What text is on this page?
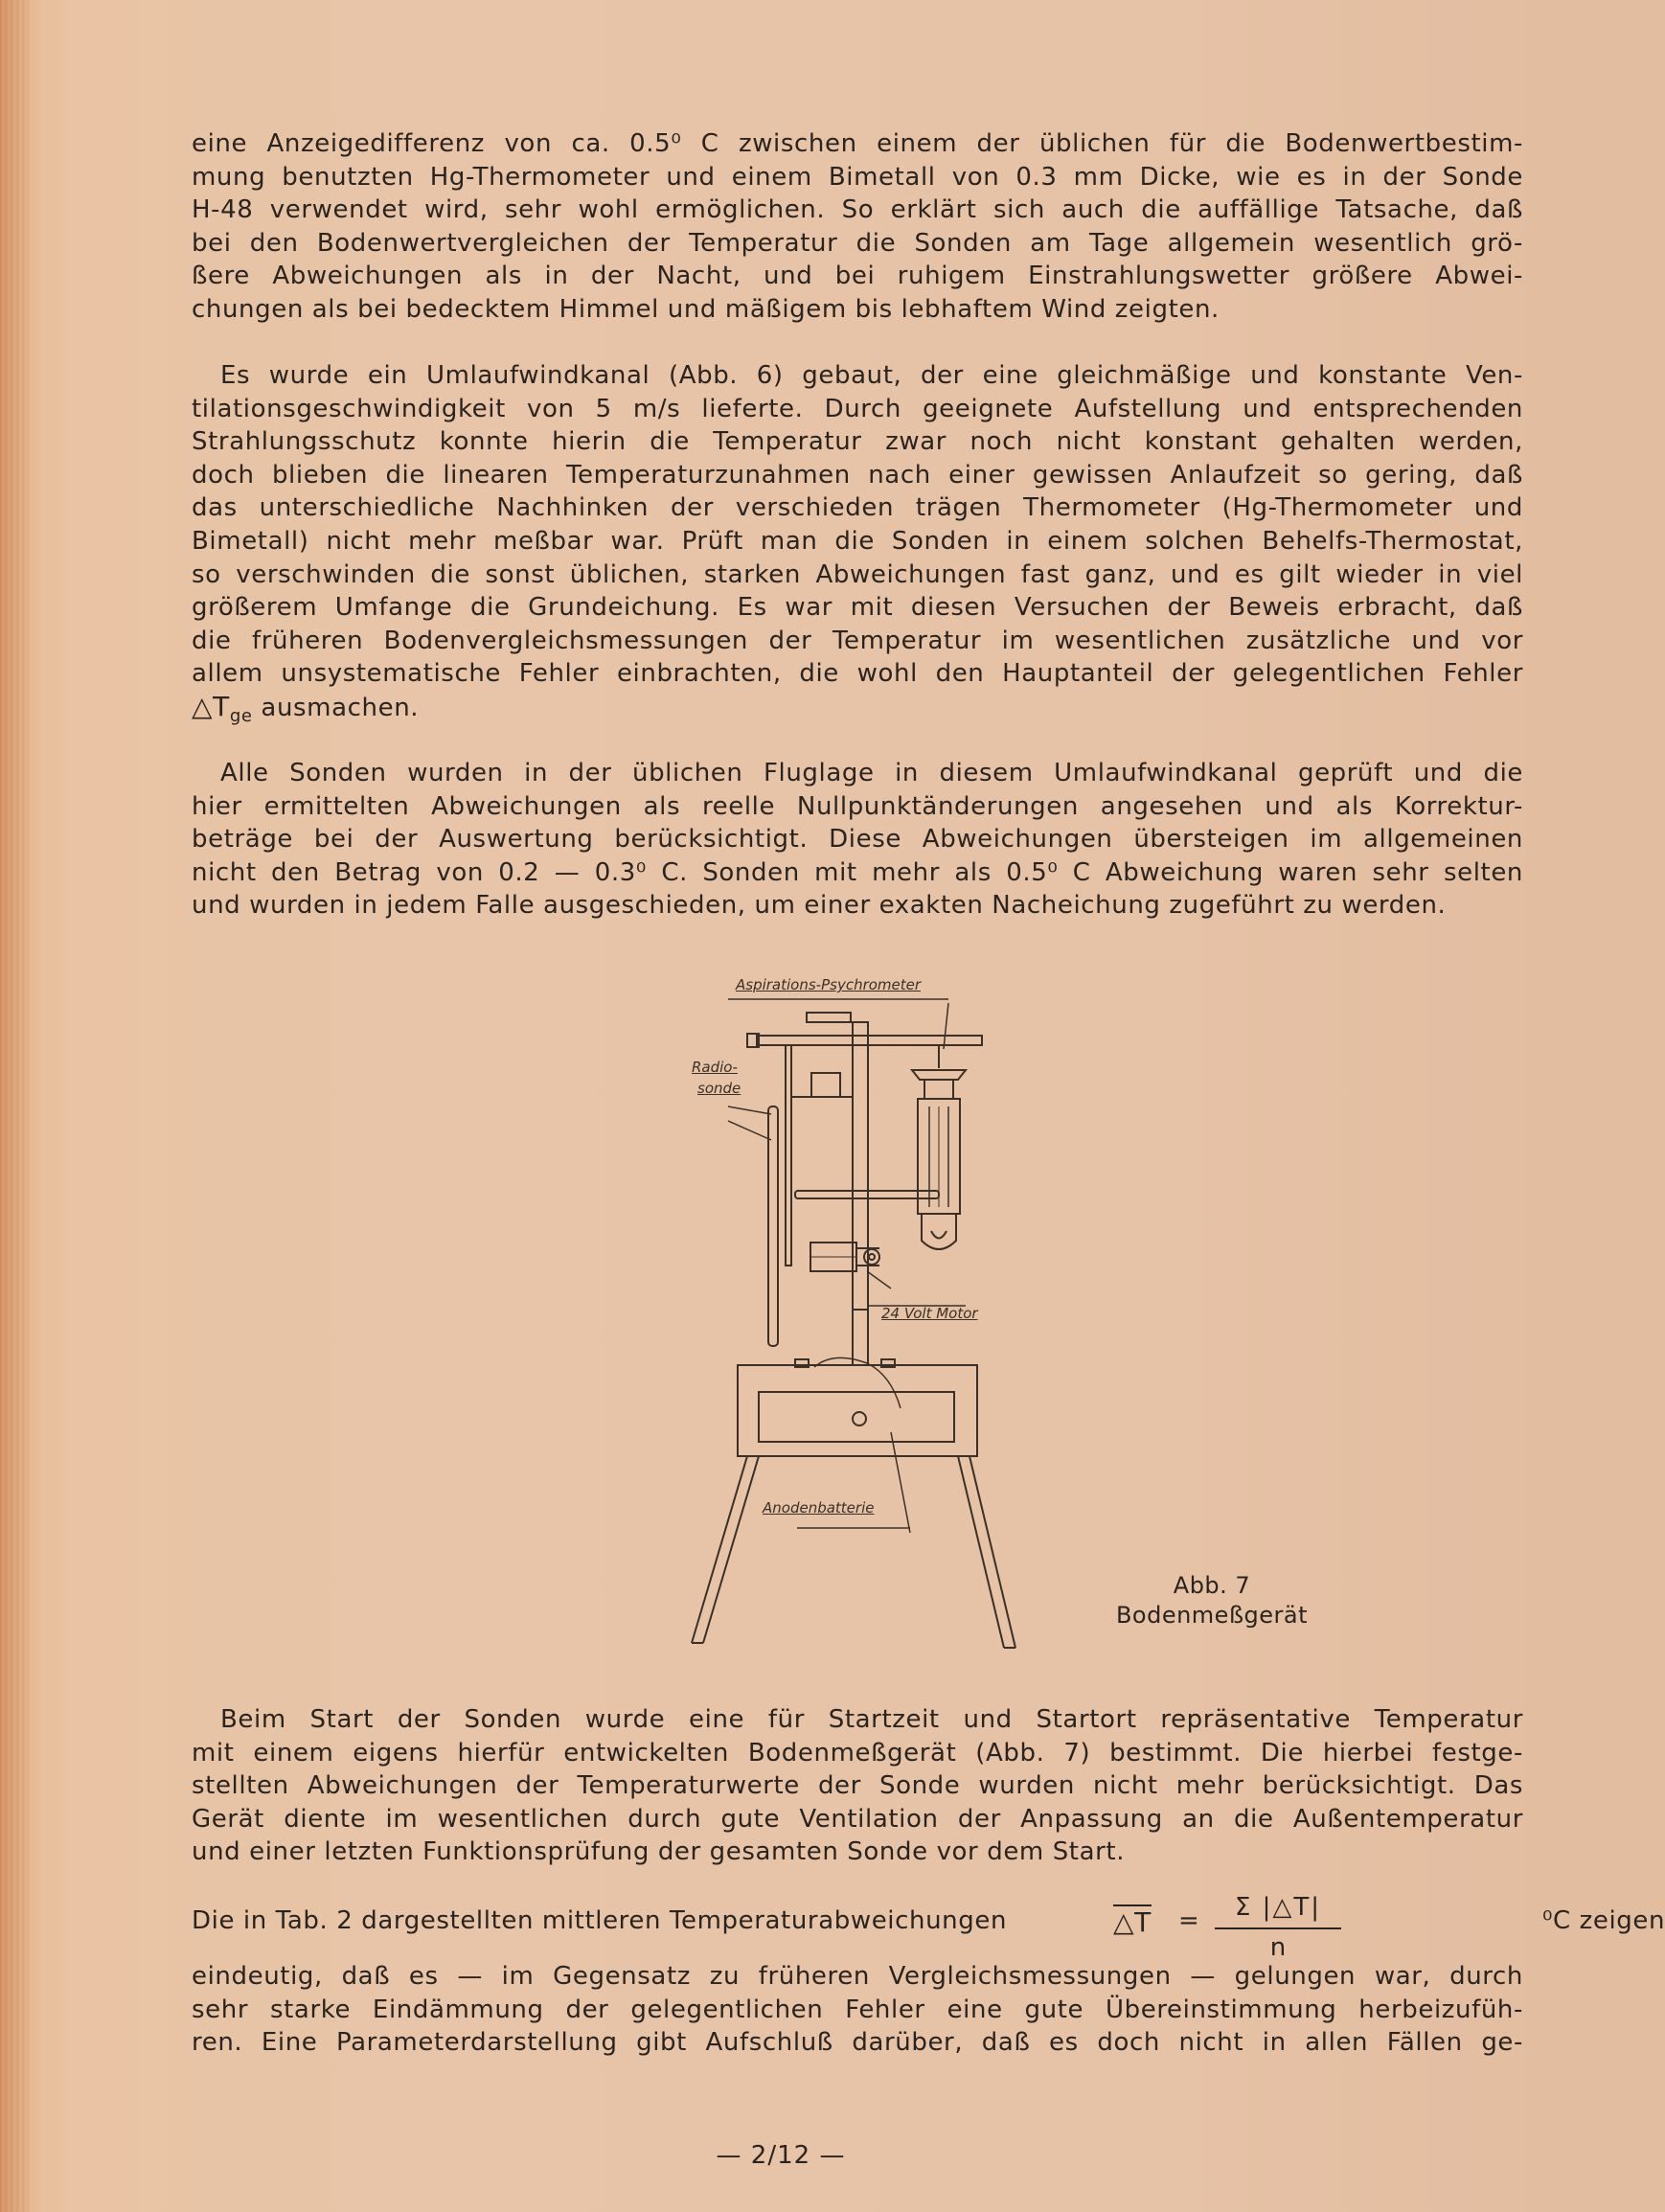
eine Anzeigedifferenz von ca. 0.5⁰ C zwischen einem der üblichen für die Bodenwertbestim-
mung benutzten Hg-Thermometer und einem Bimetall von 0.3 mm Dicke, wie es in der Sonde
H-48 verwendet wird, sehr wohl ermöglichen. So erklärt sich auch die auffällige Tatsache, daß
bei den Bodenwertvergleichen der Temperatur die Sonden am Tage allgemein wesentlich grö-
ßere Abweichungen als in der Nacht, und bei ruhigem Einstrahlungswetter größere Abwei-
chungen als bei bedecktem Himmel und mäßigem bis lebhaftem Wind zeigten.
Es wurde ein Umlaufwindkanal (Abb. 6) gebaut, der eine gleichmäßige und konstante Ven-
tilationsgeschwindigkeit von 5 m/s lieferte. Durch geeignete Aufstellung und entsprechenden
Strahlungsschutz konnte hierin die Temperatur zwar noch nicht konstant gehalten werden,
doch blieben die linearen Temperaturzunahmen nach einer gewissen Anlaufzeit so gering, daß
das unterschiedliche Nachhinken der verschieden trägen Thermometer (Hg-Thermometer und
Bimetall) nicht mehr meßbar war. Prüft man die Sonden in einem solchen Behelfs-Thermostat,
so verschwinden die sonst üblichen, starken Abweichungen fast ganz, und es gilt wieder in viel
größerem Umfange die Grundeichung. Es war mit diesen Versuchen der Beweis erbracht, daß
die früheren Bodenvergleichsmessungen der Temperatur im wesentlichen zusätzliche und vor
allem unsystematische Fehler einbrachten, die wohl den Hauptanteil der gelegentlichen Fehler
$\triangle T_{ge}$ ausmachen.
Alle Sonden wurden in der üblichen Fluglage in diesem Umlaufwindkanal geprüft und die
hier ermittelten Abweichungen als reelle Nullpunktänderungen angesehen und als Korrektur-
beträge bei der Auswertung berücksichtigt. Diese Abweichungen übersteigen im allgemeinen
nicht den Betrag von 0.2 — 0.3⁰ C. Sonden mit mehr als 0.5⁰ C Abweichung waren sehr selten
und wurden in jedem Falle ausgeschieden, um einer exakten Nacheichung zugeführt zu werden.
Aspirations-Psychrometer
Radio-
sonde
24 Volt Motor
Anodenbatterie
Abb. 7
Bodenmeßgerät
Beim Start der Sonden wurde eine für Startzeit und Startort repräsentative Temperatur
mit einem eigens hierfür entwickelten Bodenmeßgerät (Abb. 7) bestimmt. Die hierbei festge-
stellten Abweichungen der Temperaturwerte der Sonde wurden nicht mehr berücksichtigt. Das
Gerät diente im wesentlichen durch gute Ventilation der Anpassung an die Außentemperatur
und einer letzten Funktionsprüfung der gesamten Sonde vor dem Start.
Die in Tab. 2 dargestellten mittleren Temperaturabweichungen	△T =	⁰C zeigen
$\frac{\Sigma |\triangle T|}{n}$
eindeutig, daß es — im Gegensatz zu früheren Vergleichsmessungen — gelungen war, durch
sehr starke Eindämmung der gelegentlichen Fehler eine gute Übereinstimmung herbeizufüh-
ren. Eine Parameterdarstellung gibt Aufschluß darüber, daß es doch nicht in allen Fällen ge-
— 2/12 —
